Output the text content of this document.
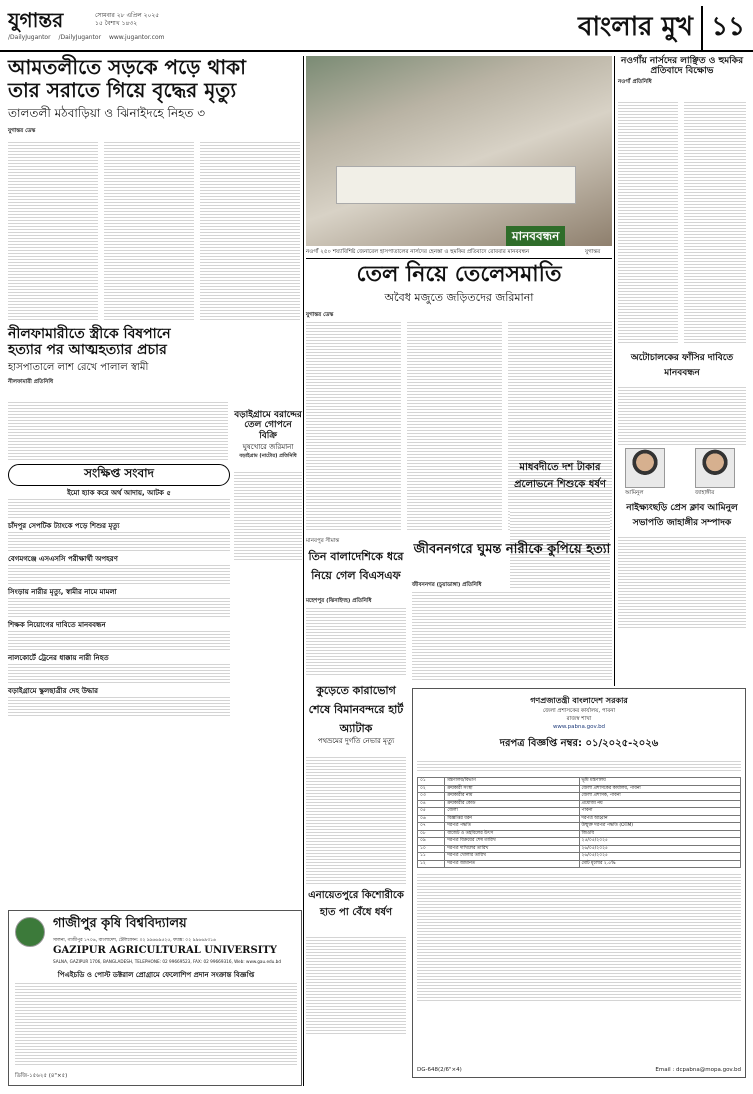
যুগান্তর	সোমবার ২৮ এপ্রিল ২০২৫
১৫ বৈশাখ ১৪৩২
/DailyJugantor /DailyJugantor www.jugantor.com	বাংলার মুখ ১১
আমতলীতে সড়কে পড়ে থাকা
তার সরাতে গিয়ে বৃদ্ধের মৃত্যু
তালতলী মঠবাড়িয়া ও ঝিনাইদহে নিহত ৩
যুগান্তর ডেস্ক
মানববন্ধন
নওগাঁ ২৫০ শয্যাবিশিষ্ট জেনারেল হাসপাতালের নার্সদের হেনস্তা ও হুমকির প্রতিবাদে রোববার মানববন্ধন	যুগান্তর
নওগাঁয় নার্সদের লাঞ্ছিত ও হুমকির প্রতিবাদে বিক্ষোভ
নওগাঁ প্রতিনিধি
তেল নিয়ে তেলেসমাতি
অবৈধ মজুতে জড়িতদের জরিমানা
যুগান্তর ডেস্ক
অটোচালকের ফাঁসির দাবিতে মানববন্ধন
আমিনুল	জাহাঙ্গীর
নাইক্ষ্যংছড়ি প্রেস ক্লাব আমিনুল সভাপতি জাহাঙ্গীর সম্পাদক
মাধবদীতে দশ টাকার প্রলোভনে শিশুকে ধর্ষণ
নীলফামারীতে স্ত্রীকে বিষপানে
হত্যার পর আত্মহত্যার প্রচার
হাসপাতালে লাশ রেখে পালাল স্বামী
নীলফামারী প্রতিনিধি
বড়াইগ্রামে বরাদ্দের তেল গোপনে বিক্রি
ঘুষখোরে জরিমানা
বড়াইগ্রাম (নাটোর) প্রতিনিধি
সংক্ষিপ্ত সংবাদ
ইমো হ্যাক করে অর্থ আদায়, আটক ৫
চাঁদপুর সেপটিক ট্যাংকে পড়ে শিশুর মৃত্যু
বেগমগঞ্জে এসএসসি পরীক্ষার্থী অপহরণ
সিংড়ায় নারীর মৃত্যু, স্বামীর নামে মামলা
শিক্ষক নিয়োগের দাবিতে মানববন্ধন
নালকোর্টে ট্রেনের ধাক্কায় নারী নিহত
বড়াইগ্রামে স্কুলছাত্রীর দেহ উদ্ধার
মানবপুর সীমান্ত
তিন বালাদেশিকে ধরে নিয়ে গেল বিএসএফ
মহেশপুর (ঝিনাইদহ) প্রতিনিধি
কুড়েতে কারাভোগ শেষে বিমানবন্দরে হার্ট অ্যাটাক
পথভ্রমের দুর্গতি নেভার মৃত্যু
জীবননগরে ঘুমন্ত নারীকে কুপিয়ে হত্যা
জীবননগর (চুয়াডাঙ্গা) প্রতিনিধি
এনায়েতপুরে কিশোরীকে হাত পা বেঁধে ধর্ষণ
গণপ্রজাতন্ত্রী বাংলাদেশ সরকার
জেলা প্রশাসকের কার্যালয়, পাবনা
রাজস্ব শাখা
www.pabna.gov.bd
দরপত্র বিজ্ঞপ্তি নম্বর: ০১/২০২৫-২০২৬
০১	মন্ত্রণালয়/বিভাগ	ভূমি মন্ত্রণালয়
০২	ক্রয়কারী সংস্থা	জেলা প্রশাসকের কার্যালয়, পাবনা
০৩	ক্রয়কারীর নাম	জেলা প্রশাসক, পাবনা
০৪	ক্রয়কারীর কোড	প্রযোজ্য নয়
০৫	জেলা	পাবনা
০৬	বিজ্ঞপ্তির ধরন	দরপত্র আহ্বান
০৭	দরপত্র পদ্ধতি	উন্মুক্ত দরপত্র পদ্ধতি (OTM)
০৮	বাজেট ও তহবিলের উৎস	জিওবি
০৯	দরপত্র বিক্রয়ের শেষ তারিখ	২৫/০৫/২০২৫
১০	দরপত্র দাখিলের তারিখ	২৬/০৫/২০২৫
১১	দরপত্র খোলার তারিখ	২৬/০৫/২০২৫
১২	দরপত্র জামানত	মোট মূল্যের ২.৫%
DG-648(2/6"×4)	Email : dcpabna@mopa.gov.bd
গাজীপুর কৃষি বিশ্ববিদ্যালয়
সালনা, গাজীপুর ১৭০৬, বাংলাদেশ, টেলিফোন: ০২ ৯৯৬৬৯৫২৫, ফ্যাক্স: ০২ ৯৯৬৬৯৩১৬
GAZIPUR AGRICULTURAL UNIVERSITY
SALNA, GAZIPUR 1706, BANGLADESH, TELEPHONE: 02 99669523, FAX: 02 99669316, Web: www.gau.edu.bd
পিএইচডি ও পোস্ট ডক্টরাল প্রোগ্রামে ফেলোশিপ প্রদান সংক্রান্ত বিজ্ঞপ্তি
ডিজি-১৫৬২৫ (৪"×৫)
